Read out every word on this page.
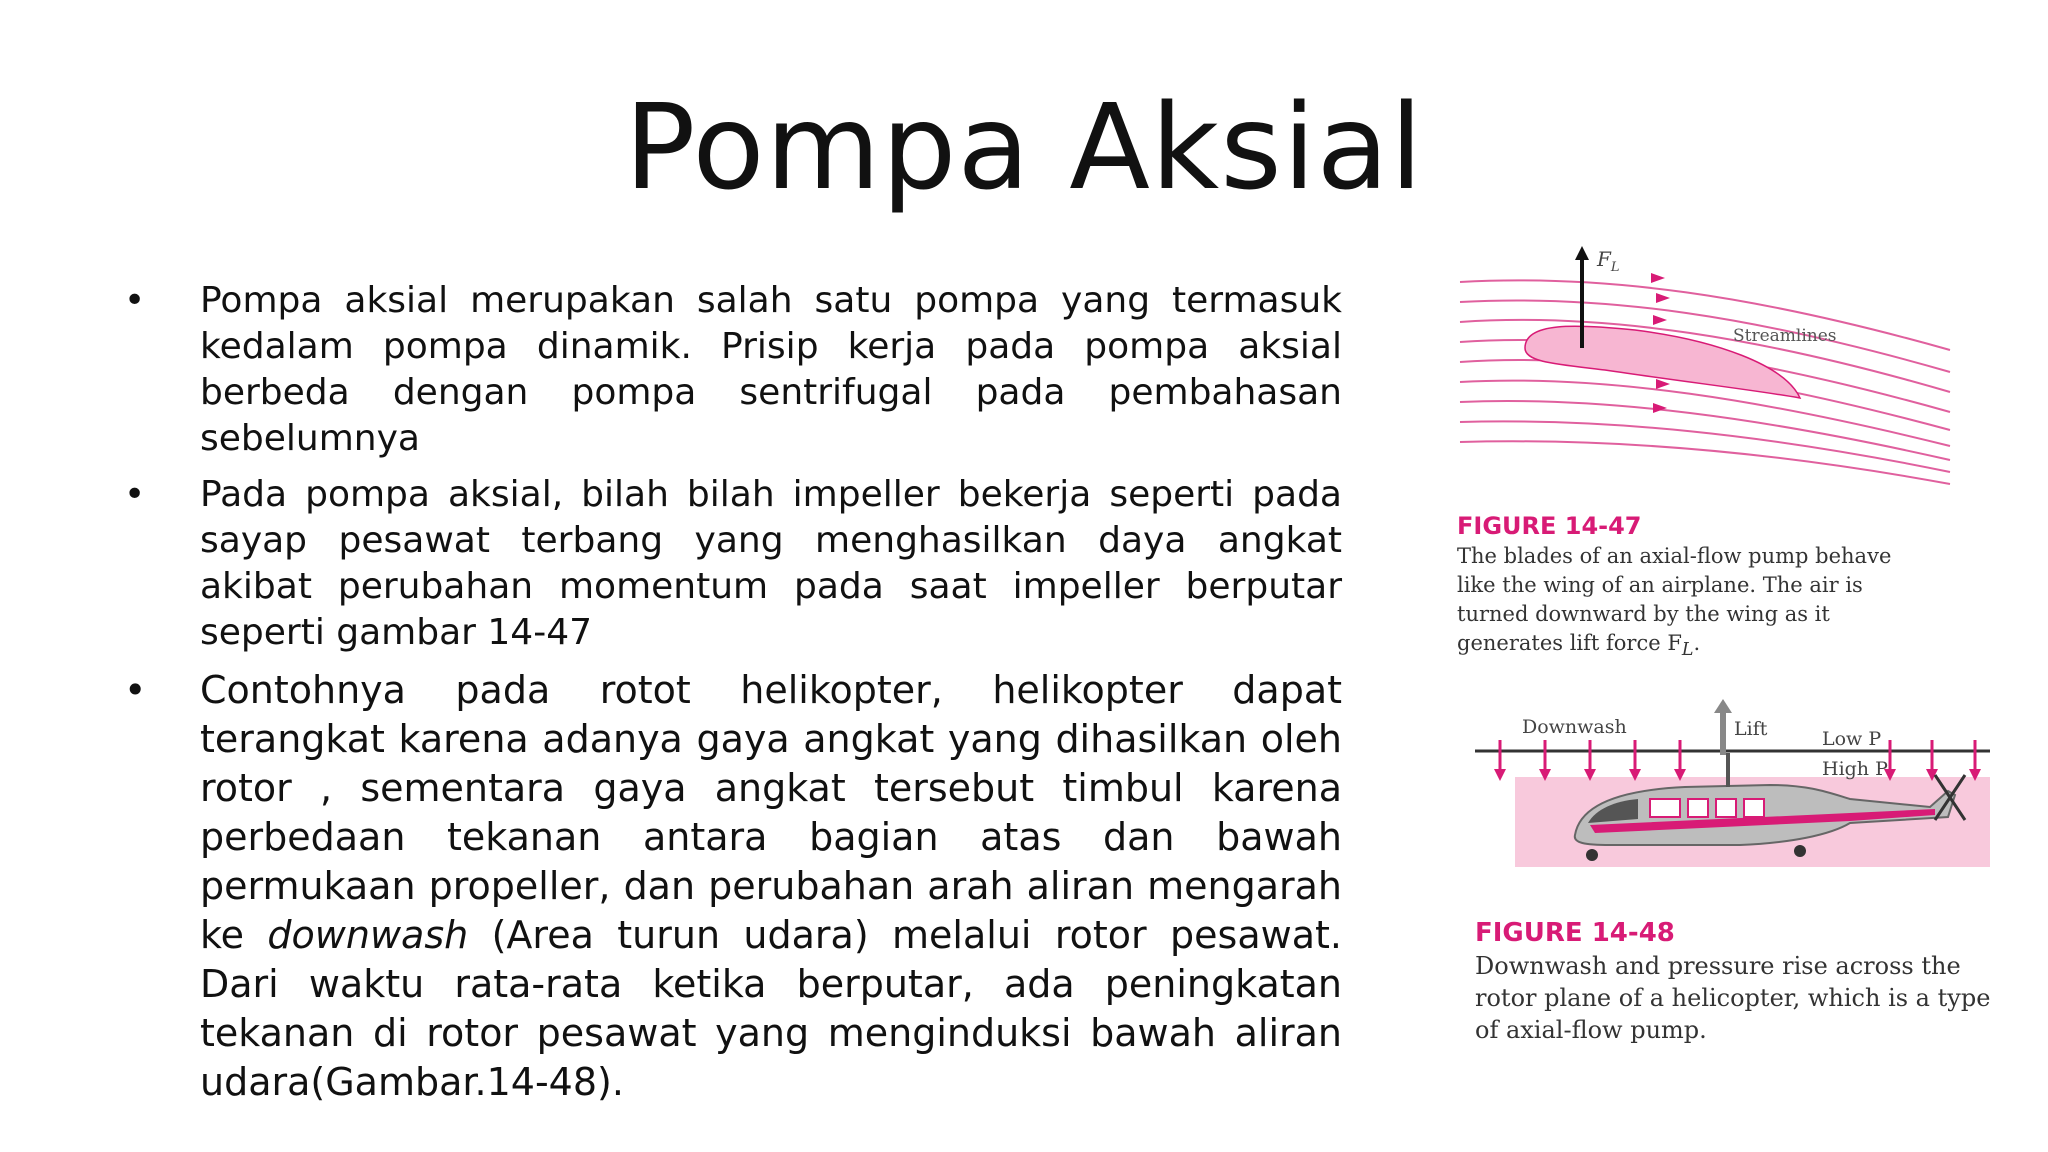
Pompa Aksial
• Pompa aksial merupakan salah satu pompa yang termasuk kedalam pompa dinamik. Prisip kerja pada pompa aksial berbeda dengan pompa sentrifugal pada pembahasan sebelumnya
• Pada pompa aksial, bilah bilah impeller bekerja seperti pada sayap pesawat terbang yang menghasilkan daya angkat akibat perubahan momentum pada saat impeller berputar seperti gambar 14-47
• Contohnya pada rotot helikopter, helikopter dapat terangkat karena adanya gaya angkat yang dihasilkan oleh rotor , sementara gaya angkat tersebut timbul karena perbedaan tekanan antara bagian atas dan bawah permukaan propeller, dan perubahan arah aliran mengarah ke downwash (Area turun udara) melalui rotor pesawat. Dari waktu rata-rata ketika berputar, ada peningkatan tekanan di rotor pesawat yang menginduksi bawah aliran udara(Gambar.14-48).
$F_L$
Streamlines
FIGURE 14-47
The blades of an axial-flow pump behave like the wing of an airplane. The air is turned downward by the wing as it generates lift force $F_L$.
Downwash	Lift	Low P
High P
FIGURE 14-48
Downwash and pressure rise across the rotor plane of a helicopter, which is a type of axial-flow pump.
